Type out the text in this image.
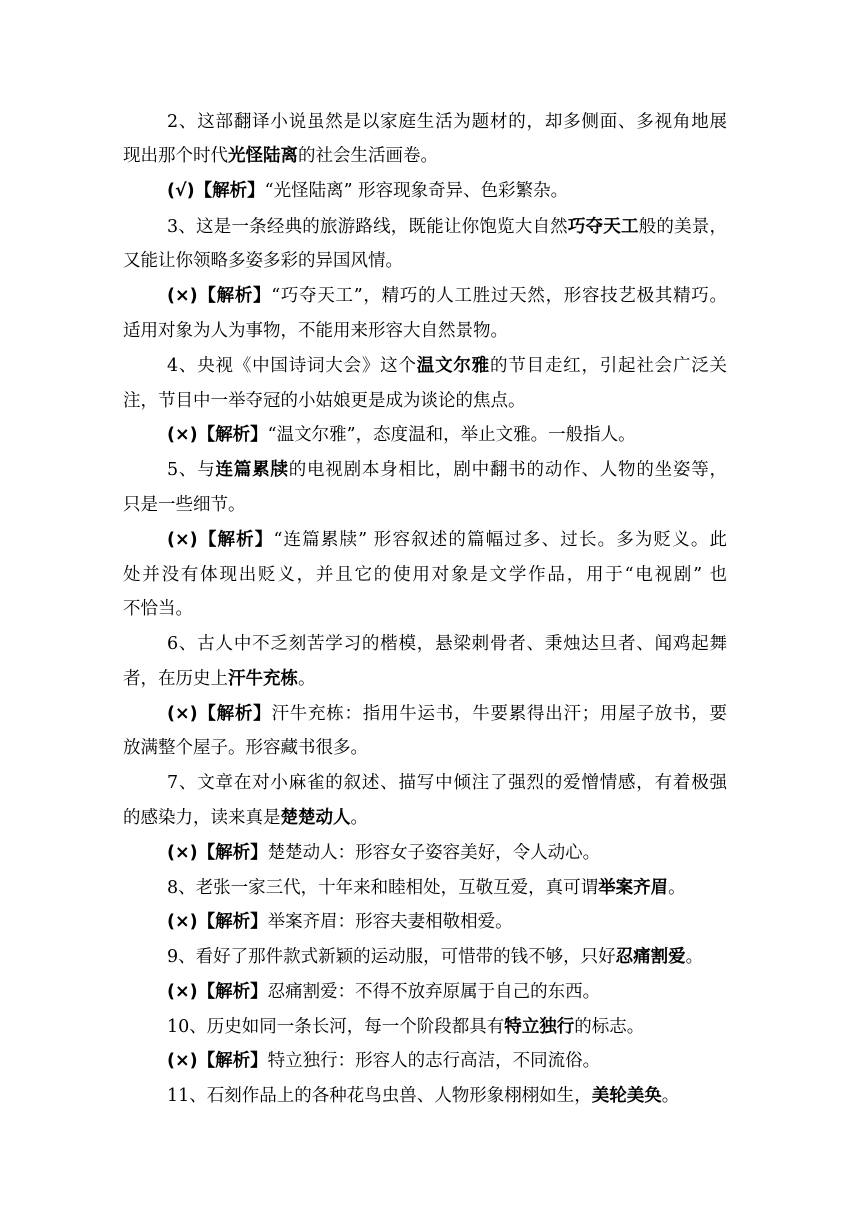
2、这部翻译小说虽然是以家庭生活为题材的，却多侧面、多视角地展
现出那个时代光怪陆离的社会生活画卷。
(√)【解析】“光怪陆离” 形容现象奇异、色彩繁杂。
3、这是一条经典的旅游路线，既能让你饱览大自然巧夺天工般的美景，
又能让你领略多姿多彩的异国风情。
(×)【解析】“巧夺天工”，精巧的人工胜过天然，形容技艺极其精巧。
适用对象为人为事物，不能用来形容大自然景物。
4、央视《中国诗词大会》这个温文尔雅的节目走红，引起社会广泛关
注，节目中一举夺冠的小姑娘更是成为谈论的焦点。
(×)【解析】“温文尔雅”，态度温和，举止文雅。一般指人。
5、与连篇累牍的电视剧本身相比，剧中翻书的动作、人物的坐姿等，
只是一些细节。
(×)【解析】“连篇累牍” 形容叙述的篇幅过多、过长。多为贬义。此
处并没有体现出贬义，并且它的使用对象是文学作品，用于“电视剧” 也
不恰当。
6、古人中不乏刻苦学习的楷模，悬梁刺骨者、秉烛达旦者、闻鸡起舞
者，在历史上汗牛充栋。
(×)【解析】汗牛充栋：指用牛运书，牛要累得出汗；用屋子放书，要
放满整个屋子。形容藏书很多。
7、文章在对小麻雀的叙述、描写中倾注了强烈的爱憎情感，有着极强
的感染力，读来真是楚楚动人。
(×)【解析】楚楚动人：形容女子姿容美好，令人动心。
8、老张一家三代，十年来和睦相处，互敬互爱，真可谓举案齐眉。
(×)【解析】举案齐眉：形容夫妻相敬相爱。
9、看好了那件款式新颖的运动服，可惜带的钱不够，只好忍痛割爱。
(×)【解析】忍痛割爱：不得不放弃原属于自己的东西。
10、历史如同一条长河，每一个阶段都具有特立独行的标志。
(×)【解析】特立独行：形容人的志行高洁，不同流俗。
11、石刻作品上的各种花鸟虫兽、人物形象栩栩如生，美轮美奂。
